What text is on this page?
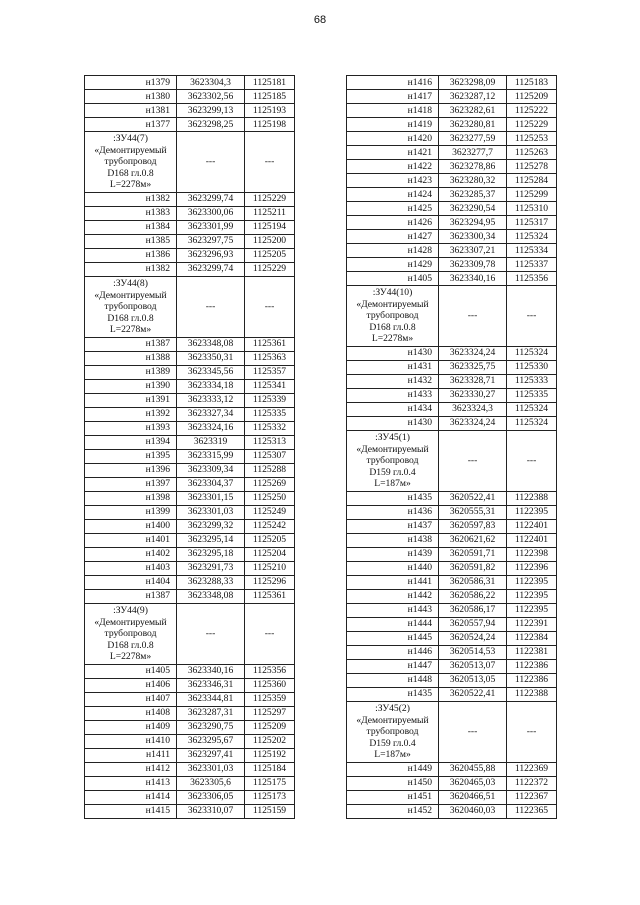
68
н1379	3623304,3	1125181
н1380	3623302,56	1125185
н1381	3623299,13	1125193
н1377	3623298,25	1125198

:ЗУ44(7)
«Демонтируемый
трубопровод
D168 гл.0.8
L=2278м»	---	---
н1382	3623299,74	1125229
н1383	3623300,06	1125211
н1384	3623301,99	1125194
н1385	3623297,75	1125200
н1386	3623296,93	1125205
н1382	3623299,74	1125229

:ЗУ44(8)
«Демонтируемый
трубопровод
D168 гл.0.8
L=2278м»	---	---
н1387	3623348,08	1125361
н1388	3623350,31	1125363
н1389	3623345,56	1125357
н1390	3623334,18	1125341
н1391	3623333,12	1125339
н1392	3623327,34	1125335
н1393	3623324,16	1125332
н1394	3623319	1125313
н1395	3623315,99	1125307
н1396	3623309,34	1125288
н1397	3623304,37	1125269
н1398	3623301,15	1125250
н1399	3623301,03	1125249
н1400	3623299,32	1125242
н1401	3623295,14	1125205
н1402	3623295,18	1125204
н1403	3623291,73	1125210
н1404	3623288,33	1125296
н1387	3623348,08	1125361

:ЗУ44(9)
«Демонтируемый
трубопровод
D168 гл.0.8
L=2278м»	---	---
н1405	3623340,16	1125356
н1406	3623346,31	1125360
н1407	3623344,81	1125359
н1408	3623287,31	1125297
н1409	3623290,75	1125209
н1410	3623295,67	1125202
н1411	3623297,41	1125192
н1412	3623301,03	1125184
н1413	3623305,6	1125175
н1414	3623306,05	1125173
н1415	3623310,07	1125159
н1416	3623298,09	1125183
н1417	3623287,12	1125209
н1418	3623282,61	1125222
н1419	3623280,81	1125229
н1420	3623277,59	1125253
н1421	3623277,7	1125263
н1422	3623278,86	1125278
н1423	3623280,32	1125284
н1424	3623285,37	1125299
н1425	3623290,54	1125310
н1426	3623294,95	1125317
н1427	3623300,34	1125324
н1428	3623307,21	1125334
н1429	3623309,78	1125337
н1405	3623340,16	1125356

:ЗУ44(10)
«Демонтируемый
трубопровод
D168 гл.0.8
L=2278м»	---	---
н1430	3623324,24	1125324
н1431	3623325,75	1125330
н1432	3623328,71	1125333
н1433	3623330,27	1125335
н1434	3623324,3	1125324
н1430	3623324,24	1125324

:ЗУ45(1)
«Демонтируемый
трубопровод
D159 гл.0.4
L=187м»	---	---
н1435	3620522,41	1122388
н1436	3620555,31	1122395
н1437	3620597,83	1122401
н1438	3620621,62	1122401
н1439	3620591,71	1122398
н1440	3620591,82	1122396
н1441	3620586,31	1122395
н1442	3620586,22	1122395
н1443	3620586,17	1122395
н1444	3620557,94	1122391
н1445	3620524,24	1122384
н1446	3620514,53	1122381
н1447	3620513,07	1122386
н1448	3620513,05	1122386
н1435	3620522,41	1122388

:ЗУ45(2)
«Демонтируемый
трубопровод
D159 гл.0.4
L=187м»	---	---
н1449	3620455,88	1122369
н1450	3620465,03	1122372
н1451	3620466,51	1122367
н1452	3620460,03	1122365
